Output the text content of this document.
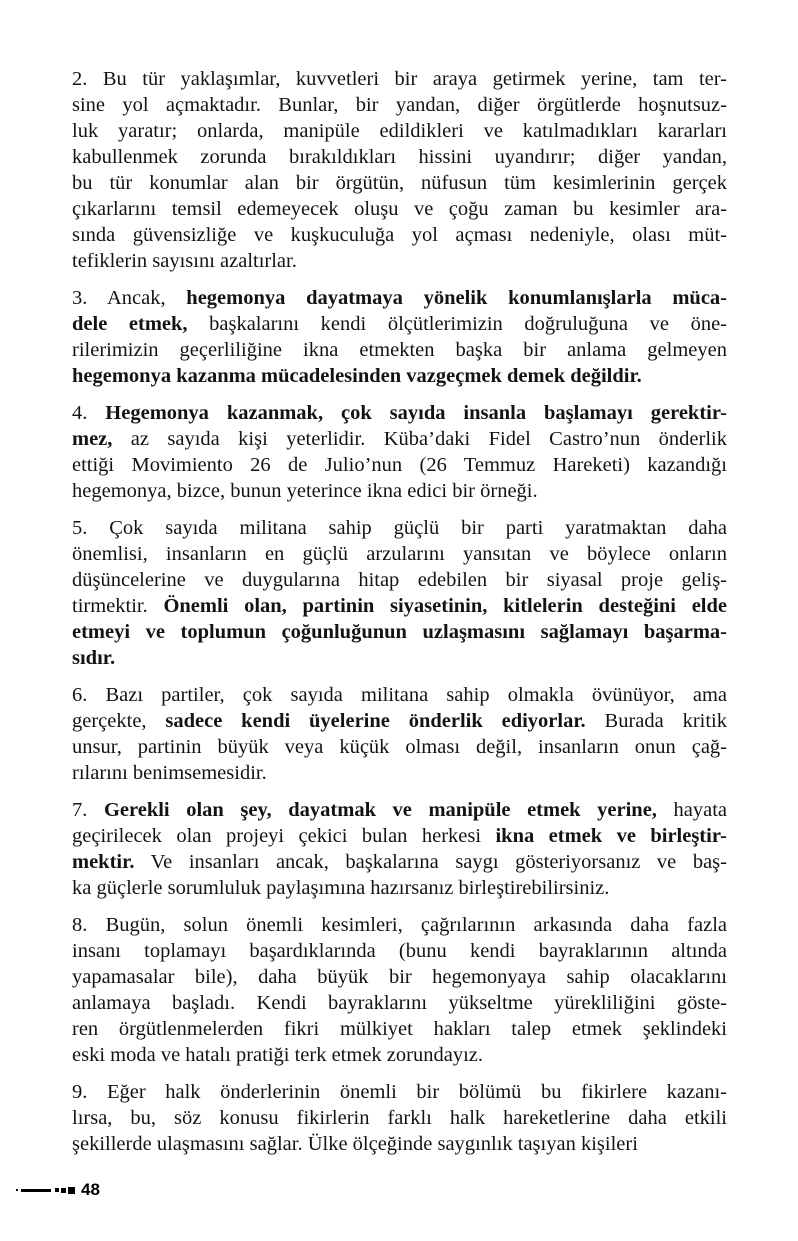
2. Bu tür yaklaşımlar, kuvvetleri bir araya getirmek yerine, tam ter-
sine yol açmaktadır. Bunlar, bir yandan, diğer örgütlerde hoşnutsuz-
luk yaratır; onlarda, manipüle edildikleri ve katılmadıkları kararları
kabullenmek zorunda bırakıldıkları hissini uyandırır; diğer yandan,
bu tür konumlar alan bir örgütün, nüfusun tüm kesimlerinin gerçek
çıkarlarını temsil edemeyecek oluşu ve çoğu zaman bu kesimler ara-
sında güvensizliğe ve kuşkuculuğa yol açması nedeniyle, olası müt-
tefiklerin sayısını azaltırlar.
3. Ancak, hegemonya dayatmaya yönelik konumlanışlarla müca-
dele etmek, başkalarını kendi ölçütlerimizin doğruluğuna ve öne-
rilerimizin geçerliliğine ikna etmekten başka bir anlama gelmeyen
hegemonya kazanma mücadelesinden vazgeçmek demek değildir.
4. Hegemonya kazanmak, çok sayıda insanla başlamayı gerektir-
mez, az sayıda kişi yeterlidir. Küba’daki Fidel Castro’nun önderlik
ettiği Movimiento 26 de Julio’nun (26 Temmuz Hareketi) kazandığı
hegemonya, bizce, bunun yeterince ikna edici bir örneği.
5. Çok sayıda militana sahip güçlü bir parti yaratmaktan daha
önemlisi, insanların en güçlü arzularını yansıtan ve böylece onların
düşüncelerine ve duygularına hitap edebilen bir siyasal proje geliş-
tirmektir. Önemli olan, partinin siyasetinin, kitlelerin desteğini elde
etmeyi ve toplumun çoğunluğunun uzlaşmasını sağlamayı başarma-
sıdır.
6. Bazı partiler, çok sayıda militana sahip olmakla övünüyor, ama
gerçekte, sadece kendi üyelerine önderlik ediyorlar. Burada kritik
unsur, partinin büyük veya küçük olması değil, insanların onun çağ-
rılarını benimsemesidir.
7. Gerekli olan şey, dayatmak ve manipüle etmek yerine, hayata
geçirilecek olan projeyi çekici bulan herkesi ikna etmek ve birleştir-
mektir. Ve insanları ancak, başkalarına saygı gösteriyorsanız ve baş-
ka güçlerle sorumluluk paylaşımına hazırsanız birleştirebilirsiniz.
8. Bugün, solun önemli kesimleri, çağrılarının arkasında daha fazla
insanı toplamayı başardıklarında (bunu kendi bayraklarının altında
yapamasalar bile), daha büyük bir hegemonyaya sahip olacaklarını
anlamaya başladı. Kendi bayraklarını yükseltme yürekliliğini göste-
ren örgütlenmelerden fikri mülkiyet hakları talep etmek şeklindeki
eski moda ve hatalı pratiği terk etmek zorundayız.
9. Eğer halk önderlerinin önemli bir bölümü bu fikirlere kazanı-
lırsa, bu, söz konusu fikirlerin farklı halk hareketlerine daha etkili
şekillerde ulaşmasını sağlar. Ülke ölçeğinde saygınlık taşıyan kişileri
48
